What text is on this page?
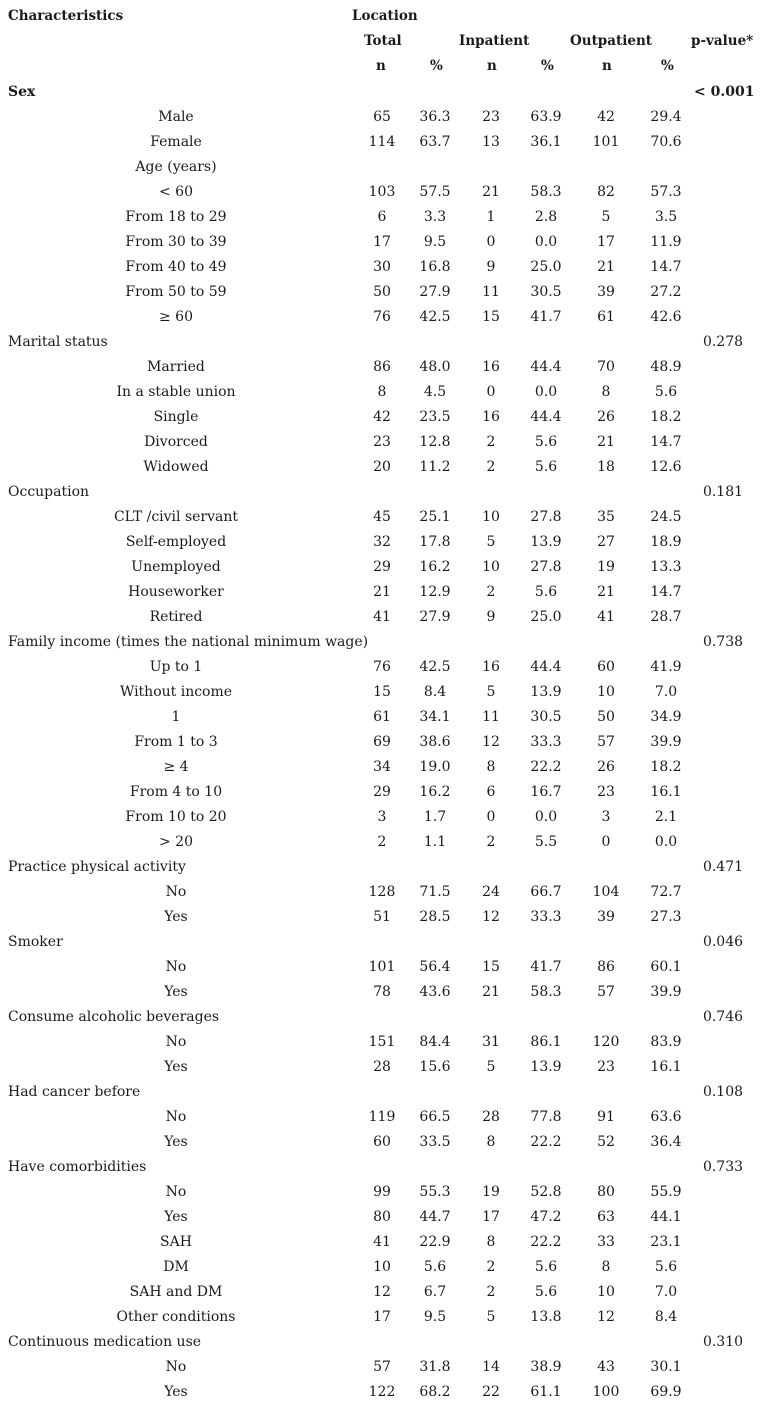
Characteristics	Location
Total	Inpatient	Outpatient	p-value*
n	%	n	%	n	%
Sex	< 0.001
Male	65	36.3	23	63.9	42	29.4
Female	114	63.7	13	36.1	101	70.6
Age (years)
< 60	103	57.5	21	58.3	82	57.3
From 18 to 29	6	3.3	1	2.8	5	3.5
From 30 to 39	17	9.5	0	0.0	17	11.9
From 40 to 49	30	16.8	9	25.0	21	14.7
From 50 to 59	50	27.9	11	30.5	39	27.2
≥ 60	76	42.5	15	41.7	61	42.6
Marital status	0.278
Married	86	48.0	16	44.4	70	48.9
In a stable union	8	4.5	0	0.0	8	5.6
Single	42	23.5	16	44.4	26	18.2
Divorced	23	12.8	2	5.6	21	14.7
Widowed	20	11.2	2	5.6	18	12.6
Occupation	0.181
CLT /civil servant	45	25.1	10	27.8	35	24.5
Self-employed	32	17.8	5	13.9	27	18.9
Unemployed	29	16.2	10	27.8	19	13.3
Houseworker	21	12.9	2	5.6	21	14.7
Retired	41	27.9	9	25.0	41	28.7
Family income (times the national minimum wage)	0.738
Up to 1	76	42.5	16	44.4	60	41.9
Without income	15	8.4	5	13.9	10	7.0
1	61	34.1	11	30.5	50	34.9
From 1 to 3	69	38.6	12	33.3	57	39.9
≥ 4	34	19.0	8	22.2	26	18.2
From 4 to 10	29	16.2	6	16.7	23	16.1
From 10 to 20	3	1.7	0	0.0	3	2.1
> 20	2	1.1	2	5.5	0	0.0
Practice physical activity	0.471
No	128	71.5	24	66.7	104	72.7
Yes	51	28.5	12	33.3	39	27.3
Smoker	0.046
No	101	56.4	15	41.7	86	60.1
Yes	78	43.6	21	58.3	57	39.9
Consume alcoholic beverages	0.746
No	151	84.4	31	86.1	120	83.9
Yes	28	15.6	5	13.9	23	16.1
Had cancer before	0.108
No	119	66.5	28	77.8	91	63.6
Yes	60	33.5	8	22.2	52	36.4
Have comorbidities	0.733
No	99	55.3	19	52.8	80	55.9
Yes	80	44.7	17	47.2	63	44.1
SAH	41	22.9	8	22.2	33	23.1
DM	10	5.6	2	5.6	8	5.6
SAH and DM	12	6.7	2	5.6	10	7.0
Other conditions	17	9.5	5	13.8	12	8.4
Continuous medication use	0.310
No	57	31.8	14	38.9	43	30.1
Yes	122	68.2	22	61.1	100	69.9
